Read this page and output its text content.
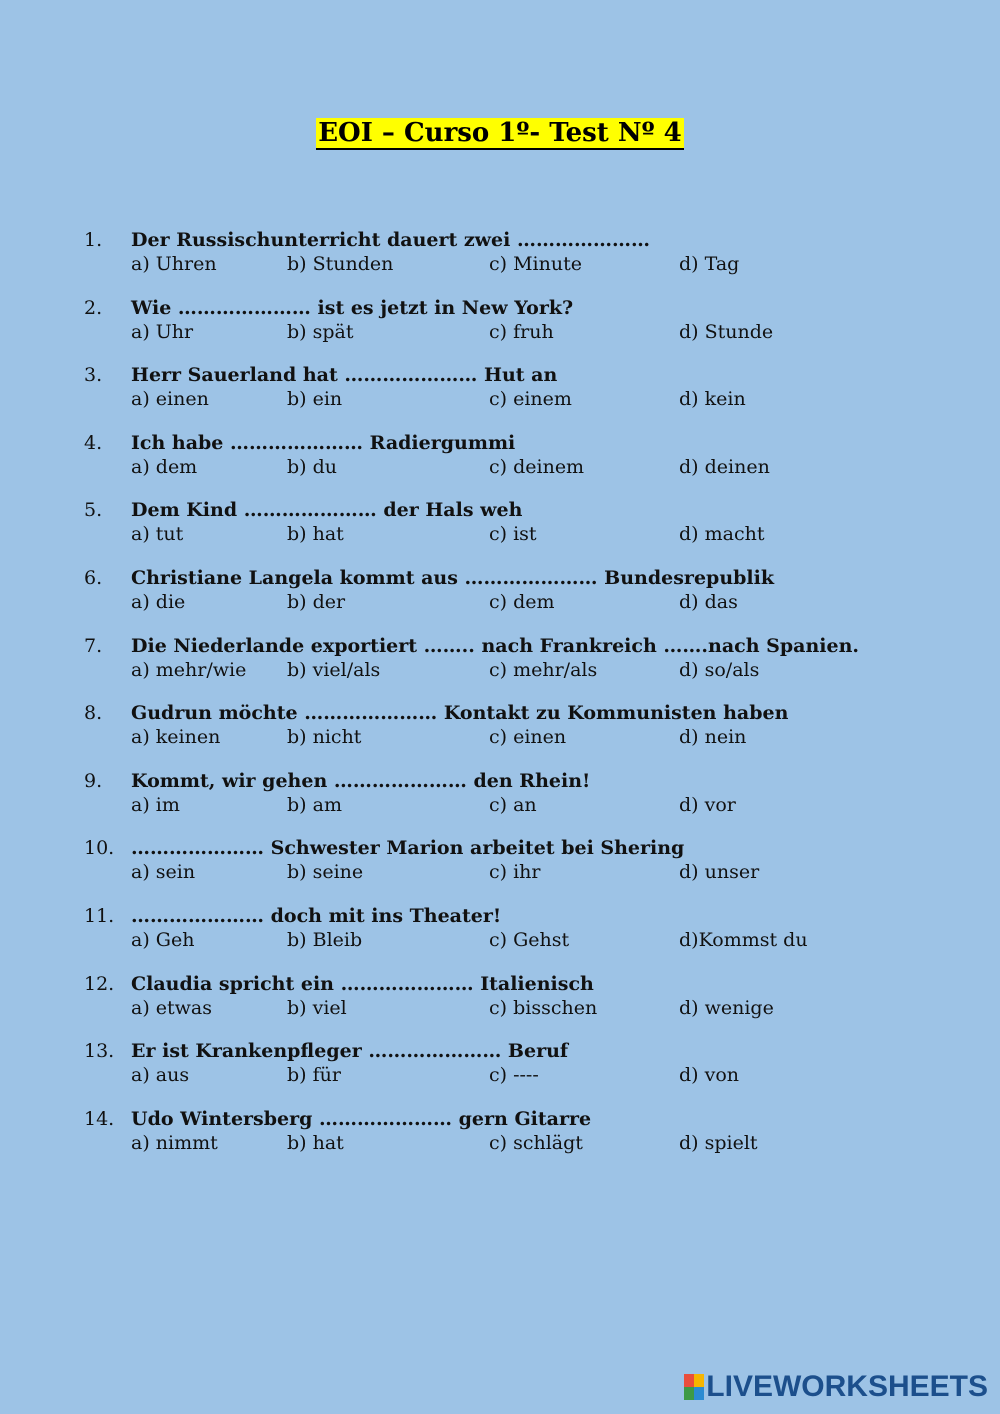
EOI – Curso 1º- Test Nº 4
1. Der Russischunterricht dauert zwei …………………
a) Uhren	b) Stunden	c) Minute	d) Tag
2. Wie ………………… ist es jetzt in New York?
a) Uhr	b) spät	c) fruh	d) Stunde
3. Herr Sauerland hat ………………… Hut an
a) einen	b) ein	c) einem	d) kein
4. Ich habe ………………… Radiergummi
a) dem	b) du	c) deinem	d) deinen
5. Dem Kind ………………… der Hals weh
a) tut	b) hat	c) ist	d) macht
6. Christiane Langela kommt aus ………………… Bundesrepublik
a) die	b) der	c) dem	d) das
7. Die Niederlande exportiert …….. nach Frankreich …….nach Spanien.
a) mehr/wie b) viel/als	c) mehr/als	d) so/als
8. Gudrun möchte ………………… Kontakt zu Kommunisten haben
a) keinen	b) nicht	c) einen	d) nein
9. Kommt, wir gehen ………………… den Rhein!
a) im	b) am	c) an	d) vor
10. ………………… Schwester Marion arbeitet bei Shering
a) sein	b) seine	c) ihr	d) unser
11. ………………… doch mit ins Theater!
a) Geh	b) Bleib	c) Gehst	d)Kommst du
12. Claudia spricht ein ………………… Italienisch
a) etwas	b) viel	c) bisschen	d) wenige
13. Er ist Krankenpfleger ………………… Beruf
a) aus	b) für	c) ----	d) von
14. Udo Wintersberg ………………… gern Gitarre
a) nimmt	b) hat	c) schlägt	d) spielt
LIVEWORKSHEETS
